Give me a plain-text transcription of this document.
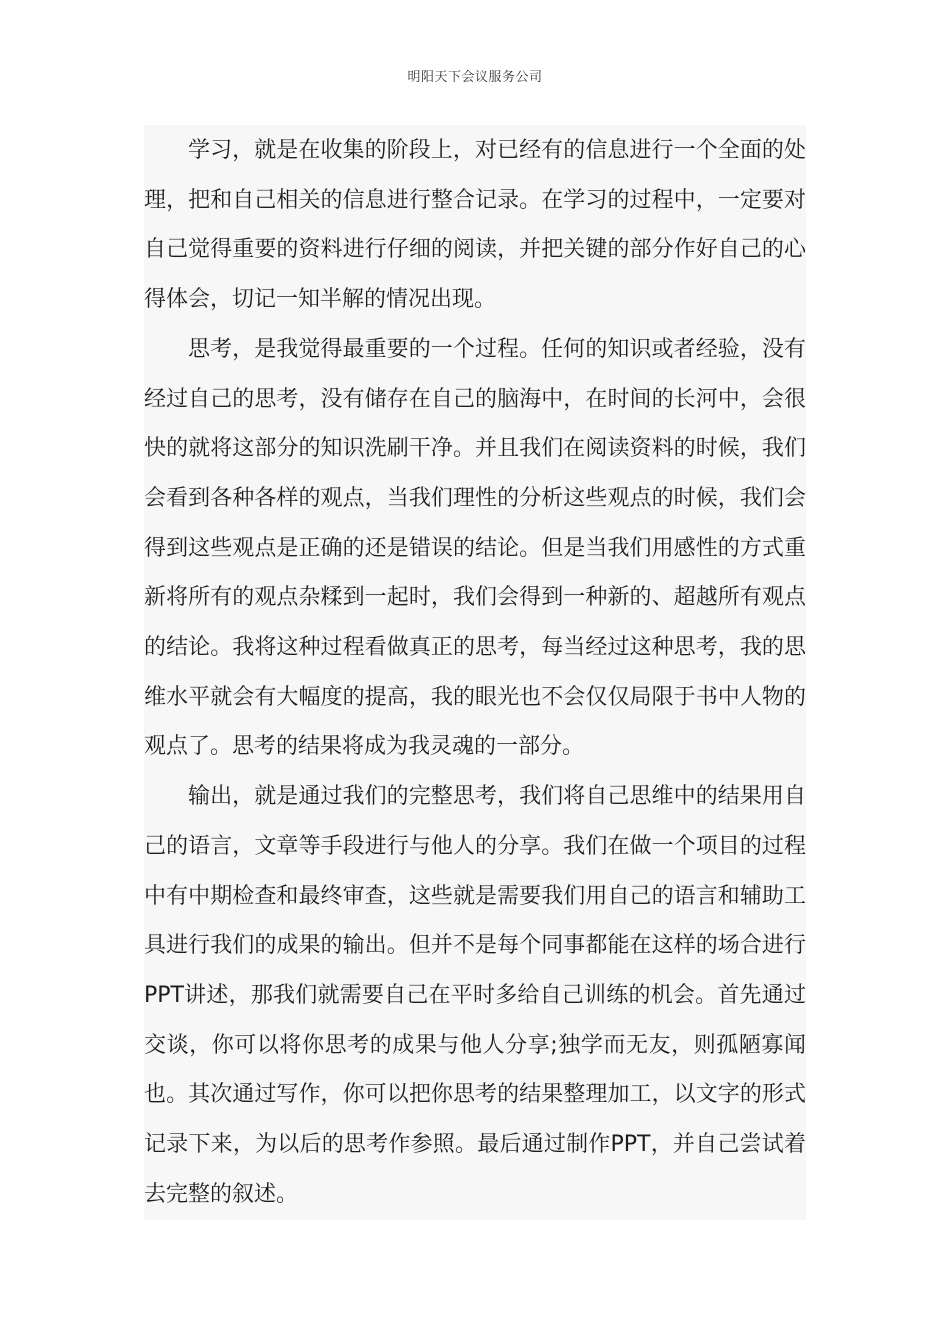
明阳天下会议服务公司

学习，就是在收集的阶段上，对已经有的信息进行一个全面的处理，把和自己相关的信息进行整合记录。在学习的过程中，一定要对自己觉得重要的资料进行仔细的阅读，并把关键的部分作好自己的心得体会，切记一知半解的情况出现。

思考，是我觉得最重要的一个过程。任何的知识或者经验，没有经过自己的思考，没有储存在自己的脑海中，在时间的长河中，会很快的就将这部分的知识洗刷干净。并且我们在阅读资料的时候，我们会看到各种各样的观点，当我们理性的分析这些观点的时候，我们会得到这些观点是正确的还是错误的结论。但是当我们用感性的方式重新将所有的观点杂糅到一起时，我们会得到一种新的、超越所有观点的结论。我将这种过程看做真正的思考，每当经过这种思考，我的思维水平就会有大幅度的提高，我的眼光也不会仅仅局限于书中人物的观点了。思考的结果将成为我灵魂的一部分。

输出，就是通过我们的完整思考，我们将自己思维中的结果用自己的语言，文章等手段进行与他人的分享。我们在做一个项目的过程中有中期检查和最终审查，这些就是需要我们用自己的语言和辅助工具进行我们的成果的输出。但并不是每个同事都能在这样的场合进行PPT讲述，那我们就需要自己在平时多给自己训练的机会。首先通过交谈，你可以将你思考的成果与他人分享;独学而无友，则孤陋寡闻也。其次通过写作，你可以把你思考的结果整理加工，以文字的形式记录下来，为以后的思考作参照。最后通过制作PPT，并自己尝试着去完整的叙述。
